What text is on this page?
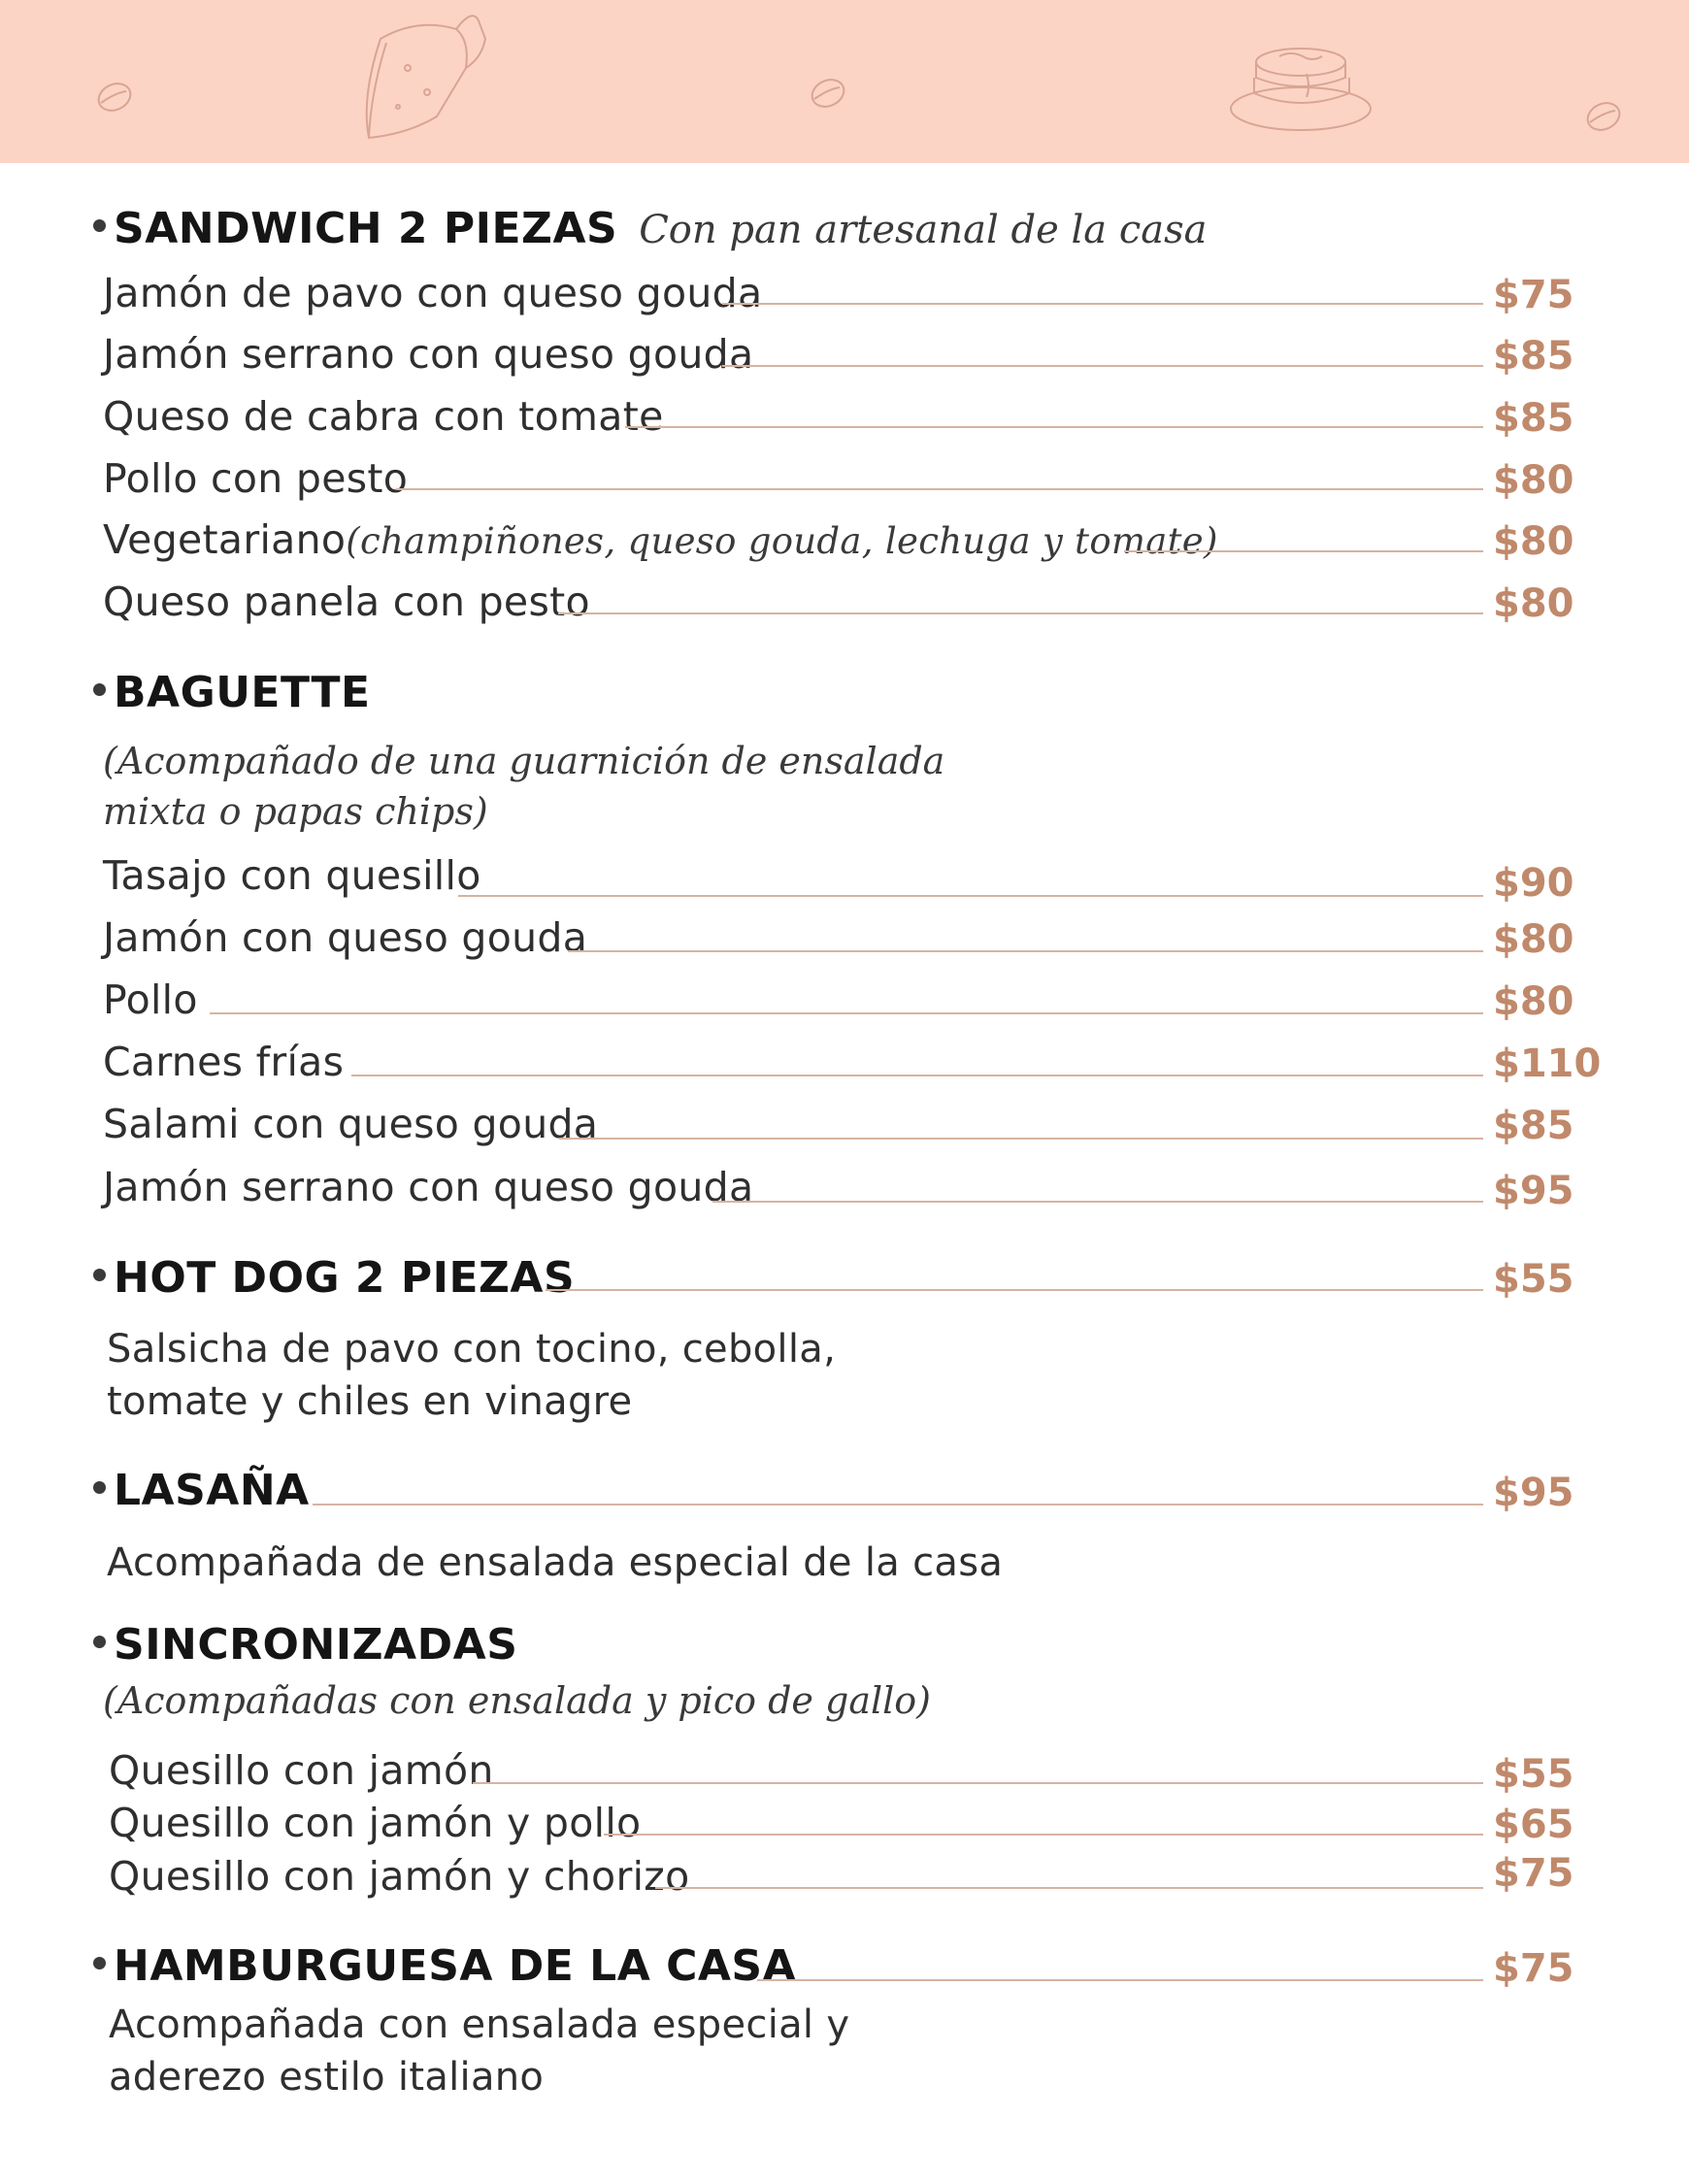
SANDWICH 2 PIEZAS Con pan artesanal de la casa
Jamón de pavo con queso gouda	$75
Jamón serrano con queso gouda	$85
Queso de cabra con tomate	$85
Pollo con pesto	$80
Vegetariano(champiñones, queso gouda, lechuga y tomate)	$80
Queso panela con pesto	$80
BAGUETTE
(Acompañado de una guarnición de ensalada
mixta o papas chips)
Tasajo con quesillo	$90
Jamón con queso gouda	$80
Pollo	$80
Carnes frías	$110
Salami con queso gouda	$85
Jamón serrano con queso gouda	$95
HOT DOG 2 PIEZAS	$55
Salsicha de pavo con tocino, cebolla,
tomate y chiles en vinagre
LASAÑA	$95
Acompañada de ensalada especial de la casa
SINCRONIZADAS
(Acompañadas con ensalada y pico de gallo)
Quesillo con jamón	$55
Quesillo con jamón y pollo	$65
Quesillo con jamón y chorizo	$75
HAMBURGUESA DE LA CASA	$75
Acompañada con ensalada especial y
aderezo estilo italiano
